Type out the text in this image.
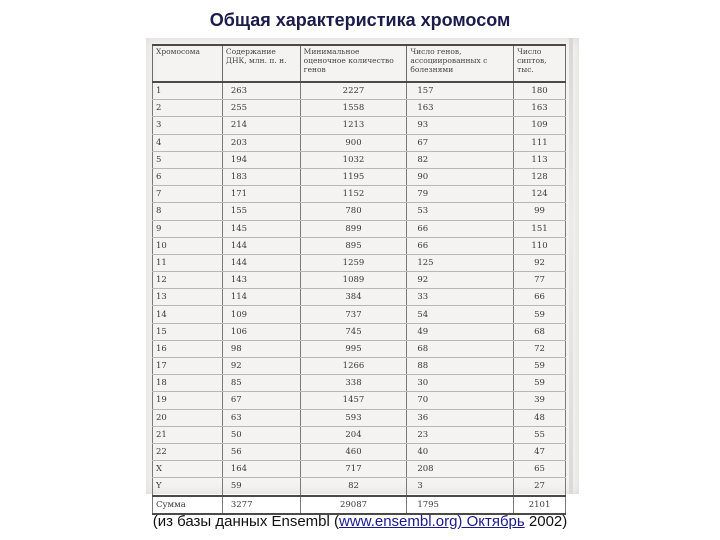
Общая характеристика хромосом
Хромосома	Содержание ДНК, млн. п. н.	Минимальное оценочное количество генов	Число генов, ассоциированных с болезнями	Число сиптов, тыс.
1	263	2227	157	180
2	255	1558	163	163
3	214	1213	93	109
4	203	900	67	111
5	194	1032	82	113
6	183	1195	90	128
7	171	1152	79	124
8	155	780	53	99
9	145	899	66	151
10	144	895	66	110
11	144	1259	125	92
12	143	1089	92	77
13	114	384	33	66
14	109	737	54	59
15	106	745	49	68
16	98	995	68	72
17	92	1266	88	59
18	85	338	30	59
19	67	1457	70	39
20	63	593	36	48
21	50	204	23	55
22	56	460	40	47
X	164	717	208	65
Y	59	82	3	27
Сумма	3277	29087	1795	2101
(из базы данных Ensembl (www.ensembl.org) Октябрь 2002)
